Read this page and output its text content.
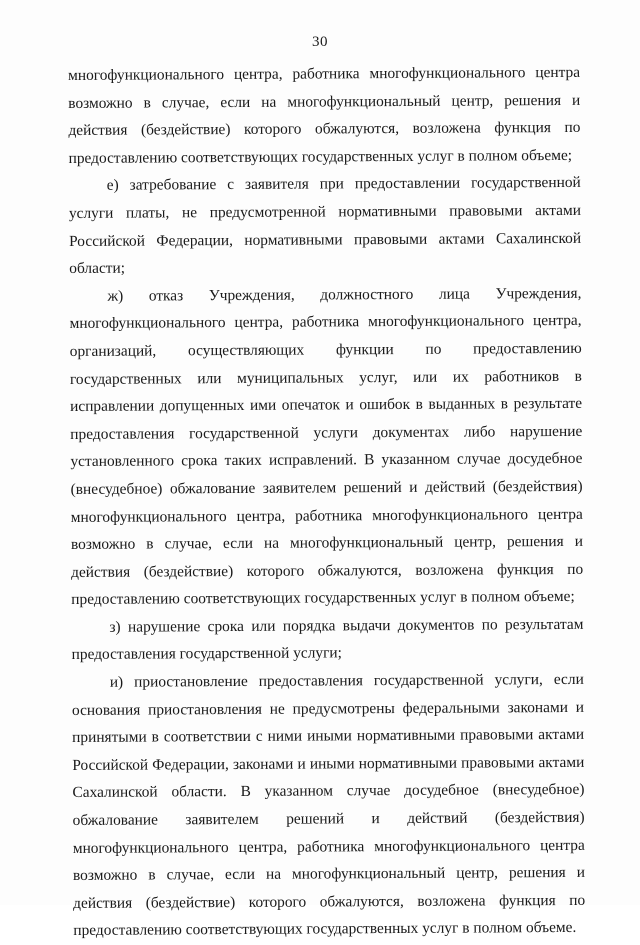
30

многофункционального центра, работника многофункционального центра возможно в случае, если на многофункциональный центр, решения и действия (бездействие) которого обжалуются, возложена функция по предоставлению соответствующих государственных услуг в полном объеме;

е) затребование с заявителя при предоставлении государственной услуги платы, не предусмотренной нормативными правовыми актами Российской Федерации, нормативными правовыми актами Сахалинской области;

ж) отказ Учреждения, должностного лица Учреждения, многофункционального центра, работника многофункционального центра, организаций, осуществляющих функции по предоставлению государственных или муниципальных услуг, или их работников в исправлении допущенных ими опечаток и ошибок в выданных в результате предоставления государственной услуги документах либо нарушение установленного срока таких исправлений. В указанном случае досудебное (внесудебное) обжалование заявителем решений и действий (бездействия) многофункционального центра, работника многофункционального центра возможно в случае, если на многофункциональный центр, решения и действия (бездействие) которого обжалуются, возложена функция по предоставлению соответствующих государственных услуг в полном объеме;

з) нарушение срока или порядка выдачи документов по результатам предоставления государственной услуги;

и) приостановление предоставления государственной услуги, если основания приостановления не предусмотрены федеральными законами и принятыми в соответствии с ними иными нормативными правовыми актами Российской Федерации, законами и иными нормативными правовыми актами Сахалинской области. В указанном случае досудебное (внесудебное) обжалование заявителем решений и действий (бездействия) многофункционального центра, работника многофункционального центра возможно в случае, если на многофункциональный центр, решения и действия (бездействие) которого обжалуются, возложена функция по предоставлению соответствующих государственных услуг в полном объеме.
